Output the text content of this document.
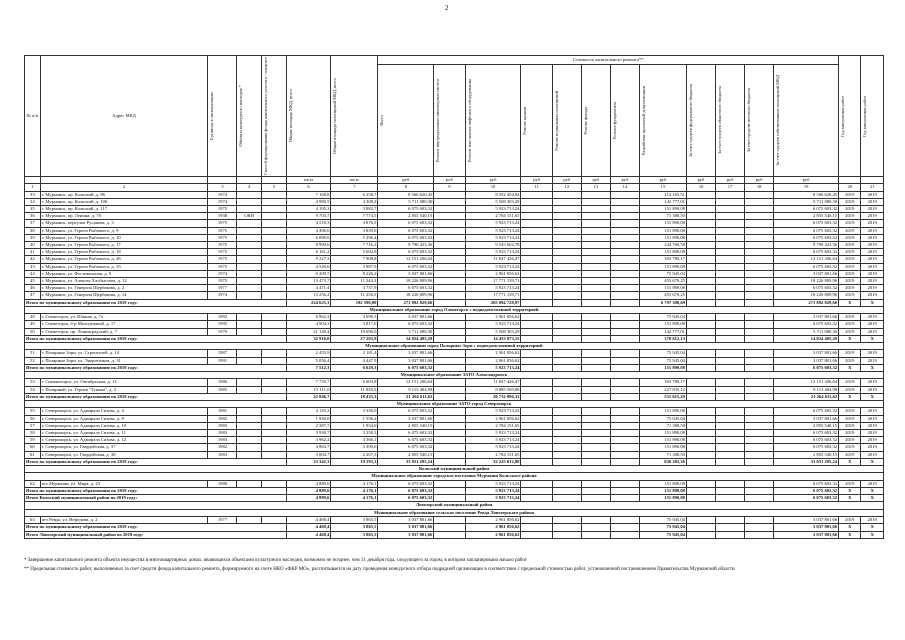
2
№ п/п	Адрес МКД	Год ввода в эксплуатацию	Объекты культурного наследия *	Способ формирования фонда капитального ремонта - спецсчет	Общая площадь МКД, всего	Общая площадь помещений МКД, всего	Стоимость капитального ремонта**												Год завершения работ	Год завершения работ

							Всего	Ремонт внутридомовых инженерных систем	Ремонт или замена лифтового оборудования	Ремонт крыши	Ремонт подвальных помещений	Ремонт фасада	Ремонт фундамента	Разработка проектной документации	За счет средств федерального бюджета	За счет средств областного бюджета	За счет средств местного бюджета	За счет средств собственников помещений МКД		

					кв.м	кв.м	руб	руб	руб	руб	руб	руб	руб	руб	руб	руб	руб	руб		
1	2	3	4	5	6	7	8	9	10	11	12	13	14	15	16	17	18	19	20	21
33	г. Мурманск, пр. Кольский, д. 86	1974			7 168,8	6 258,7	8 566 620,45		8 352 454,94					214 165,51				8 566 620,45	2019	2019
34	г. Мурманск, пр. Кольский, д. 100	1974			4 980,5	4 308,2	5 711 080,30		5 568 303,29					142 777,01				5 711 080,30	2019	2019
35	г. Мурманск, пр. Кольский, д. 117	1975			4 195,3	3 882,7	6 075 603,32		5 923 713,24					151 890,08				6 075 603,32	2019	2019
36	г. Мурманск, пр. Ленина, д. 70	1938	ОКН		9 703,7	7 774,5	2 855 540,15		2 784 151,65					71 388,50				2 855 540,15	2019	2019
37	г. Мурманск, переулок Русанова, д. 3	1975			4 518,3	3 876,5	6 075 603,32		5 923 713,24					151 890,08				6 075 603,32	2019	2019
38	г. Мурманск, ул. Героев Рыбачьего, д. 9	1975			4 496,6	3 839,6	6 075 603,32		5 923 713,24					151 890,08				6 075 603,32	2019	2019
39	г. Мурманск, ул. Героев Рыбачьего, д. 10	1975			6 089,6	5 296,4	6 075 603,32		5 923 713,24					151 890,08				6 075 603,32	2019	2019
40	г. Мурманск, ул. Героев Рыбачьего, д. 17	1975			8 990,6	7 716,2	9 790 423,36		9 545 662,78					244 760,58				9 790 423,36	2019	2019
41	г. Мурманск, ул. Героев Рыбачьего, д. 18	1975			6 161,2	5 602,9	6 075 603,32		5 923 713,24					151 890,08				6 075 603,32	2019	2019
42	г. Мурманск, ул. Героев Рыбачьего, д. 26	1975			9 227,3	7 908,8	12 151 206,64		11 847 426,47					303 780,17				12 151 206,64	2019	2019
43	г. Мурманск, ул. Героев Рыбачьего, д. 33	1975			4 549,6	3 887,9	6 075 603,32		5 923 713,24					151 890,08				6 075 603,32	2019	2019
44	г. Мурманск, ул. Фестивальная, д. 9	1974			9 209,7	8 226,2	3 037 801,66		2 961 856,62					75 945,04				3 037 801,66	2019	2019
45	г. Мурманск, ул. Алексея Хлобыстова, д. 32	1975			13 473,7	11 244,3	18 226 809,96		17 771 139,71					455 670,25				18 226 809,96	2019	2019
46	г. Мурманск, ул. Генерала Щербакова, д. 2	1977			4 471,4	3 757,9	6 075 603,32		5 923 713,24					151 890,08				6 075 603,32	2019	2019
47	г. Мурманск, ул. Генерала Щербакова, д. 14	1974			13 256,2	11 256,5	18 226 809,96		17 771 139,71					455 670,25				18 226 809,96	2019	2019
Итого по муниципальному образованию по 2019 году:					224 625,3	192 596,08	271 892 029,66		265 094 728,97					6 797 300,69				271 892 029,66	Х	Х
Муниципальное образование город Оленегорск с подведомственной территорией																				
48	г. Оленегорск, ул. Южная, д. 7а	1982			6 862,3	3 690,3	3 037 801,66		2 961 856,62					75 945,04				3 037 801,66	2019	2019
49	г. Оленегорск, б-р Молодежный, д. 17	1995			4 904,3	3 817,6	6 075 603,32		5 923 713,24					151 890,08				6 075 603,32	2019	2019
50	г. Оленегорск, пр. Ленинградский, д. 7	1979			21 149,4	19 696,0	5 711 080,30		5 568 303,29					142 777,01				5 711 080,30	2019	2019
Итого по муниципальному образованию по 2019 году:					32 916,0	27 203,9	14 824 485,28		14 453 873,15					370 612,13				14 824 485,28	Х	Х
Муниципальное образование город Полярные Зори с подведомственной территорией																				
51	г. Полярные Зори, ул. Строителей, д. 14	1987			2 455,9	2 181,4	3 037 801,66		2 961 856,62					75 945,04				3 037 801,66	2019	2019
52	г. Полярные Зори, ул. Энергетиков, д. 31	1991			5 056,4	4 447,9	3 037 801,66		2 961 856,62					75 945,04				3 037 801,66	2019	2019
Итого по муниципальному образованию по 2019 году:					7 512,3	6 629,3	6 075 603,32		5 923 713,24					151 890,08				6 075 603,32	Х	Х
Муниципальное образование ЗАТО Александровск																				
53	г. Снежногорск, ул. Октябрьская, д. 13	1986			7 735,7	6 603,8	12 151 206,64		11 847 426,47					303 780,17				12 151 206,64	2019	2019
54	г. Полярный, ул. Героев "Тумана", д. 2	1985			15 111,0	11 829,5	9 113 404,98		8 885 569,86					227 835,12				9 113 404,98	2019	2019
Итого по муниципальному образованию по 2019 году:					22 846,7	18 433,3	21 264 611,62		20 732 996,33					531 615,29				21 264 611,62	Х	Х
Муниципальное образование ЗАТО город Североморск																				
55	г. Североморск, ул. Адмирала Сизова, д. 4	1981			4 145,3	3 356,0	6 075 603,32		5 923 713,24					151 890,08				6 075 603,32	2019	2019
56	г. Североморск, ул. Адмирала Сизова, д. 8	1982			1 950,0	1 556,2	3 037 801,66		2 961 856,62					75 945,04				3 037 801,66	2019	2019
57	г. Североморск, ул. Адмирала Сизова, д. 10	1983			2 387,7	1 934,6	2 855 540,15		2 784 151,65					71 388,50				2 855 540,15	2019	2019
58	г. Североморск, ул. Адмирала Сизова, д. 11	1983			3 930,7	3 358,3	6 075 603,32		5 923 713,24					151 890,08				6 075 603,32	2019	2019
59	г. Североморск, ул. Адмирала Сизова, д. 12	1983			3 962,2	3 366,1	6 075 603,32		5 923 713,24					151 890,08				6 075 603,32	2019	2019
60	г. Североморск, ул. Гвардейская, д. 37	1982			3 963,7	3 390,6	6 075 603,32		5 923 713,24					151 890,08				6 075 603,32	2019	2019
61	г. Североморск, ул. Гвардейская, д. 38	1983			3 004,7	2 207,5	2 855 540,15		2 784 151,65					71 388,50				2 855 540,15	2019	2019
Итого по муниципальному образованию по 2019 году:					23 342,3	19 193,3	33 051 295,24		32 225 012,88					826 282,36				33 051 295,24	Х	Х
Кольский муниципальный район																				
Муниципальное образование городское поселение Мурмаши Кольского района																				
62	пгт Мурмаши, ул. Мира, д. 23	1988			4 889,6	4 176,1	6 075 603,32		5 923 713,24					151 890,08				6 075 603,32	2019	2019
Итого по муниципальному образованию по 2019 году:					4 889,6	4 176,1	6 075 603,32		5 923 713,24					151 890,08				6 075 603,32	Х	Х
Итого Кольский муниципальный район по 2019 году:					4 889,6	4 176,1	6 075 603,32		5 923 713,24					151 890,08				6 075 603,32	Х	Х
Ловозерский муниципальный район																				
Муниципальное образование сельское поселение Ревда Ловозерского района																				
63	пгт Ревда, ул. Нефедова, д. 2	1977			4 468,4	3 865,5	3 037 801,66		2 961 856,62					75 945,04				3 037 801,66	2019	2019
Итого по муниципальному образованию по 2019 году:					4 468,4	3 865,5	3 037 801,66		2 961 856,62					75 945,04				3 037 801,66	Х	Х
Итого Ловозерский муниципальный район по 2019 году:					4 468,4	3 865,5	3 037 801,66		2 961 856,62					75 945,04				3 037 801,66	Х	Х
* Завершение капитального ремонта объекта имущества в многоквартирных домах, являющихся объектами культурного наследия, возможно не позднее, чем 31 декабря года, следующего за годом, в котором запланировано начало работ
** Предельная стоимость работ, выполняемых за счет средств фонда капитального ремонта, формируемого на счете НКО «ФКР МО», рассчитывается на дату проведения конкурсного отбора подрядной организации в соответствии с предельной стоимостью работ, установленной постановлением Правительства Мурманской области
